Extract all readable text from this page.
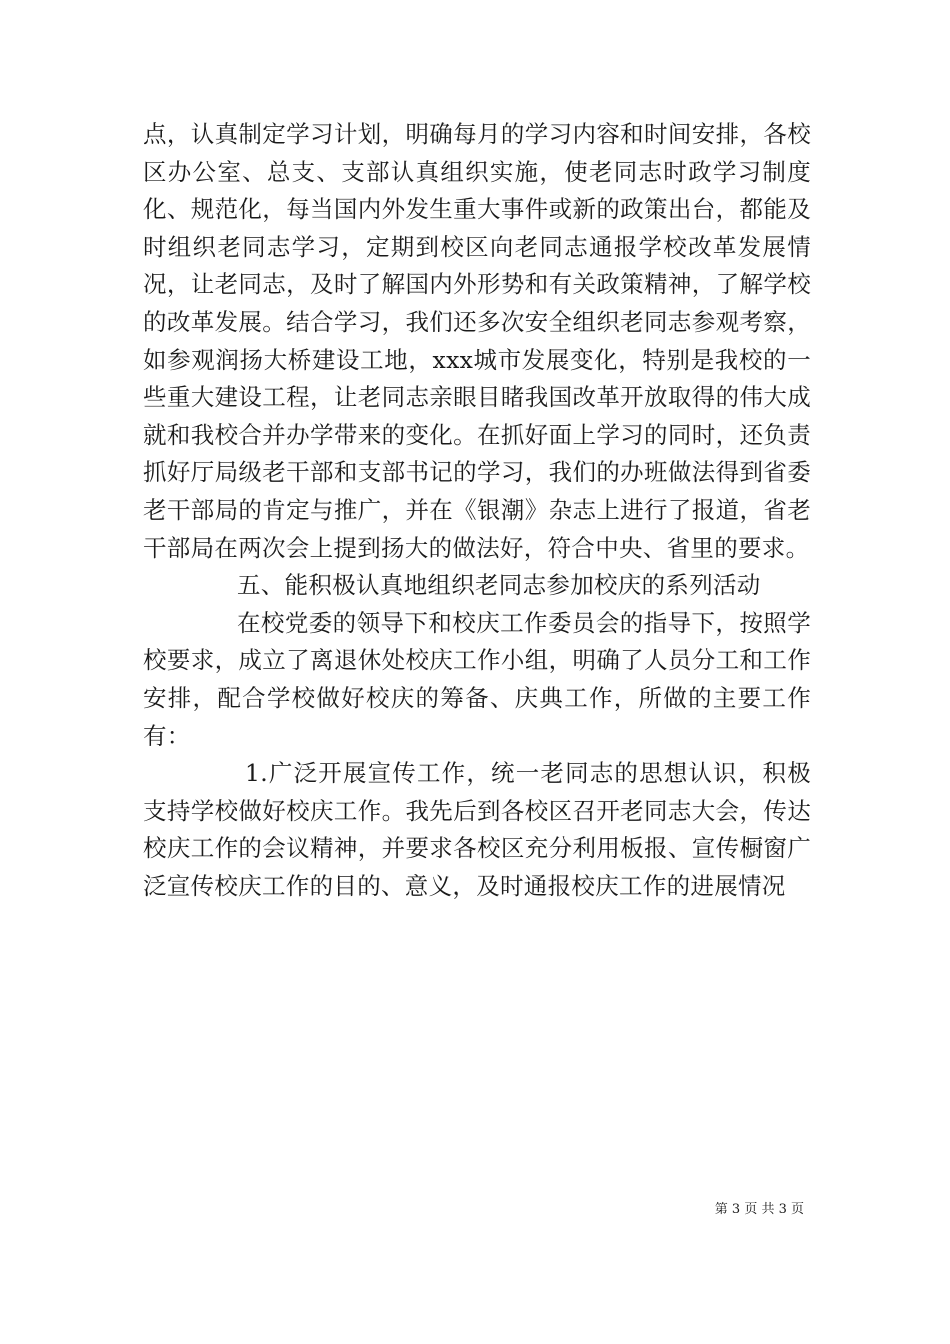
点，认真制定学习计划，明确每月的学习内容和时间安排，各校区办公室、总支、支部认真组织实施，使老同志时政学习制度化、规范化，每当国内外发生重大事件或新的政策出台，都能及时组织老同志学习，定期到校区向老同志通报学校改革发展情况，让老同志，及时了解国内外形势和有关政策精神，了解学校的改革发展。结合学习，我们还多次安全组织老同志参观考察，如参观润扬大桥建设工地，xxx城市发展变化，特别是我校的一些重大建设工程，让老同志亲眼目睹我国改革开放取得的伟大成就和我校合并办学带来的变化。在抓好面上学习的同时，还负责抓好厅局级老干部和支部书记的学习，我们的办班做法得到省委老干部局的肯定与推广，并在《银潮》杂志上进行了报道，省老干部局在两次会上提到扬大的做法好，符合中央、省里的要求。

五、能积极认真地组织老同志参加校庆的系列活动

在校党委的领导下和校庆工作委员会的指导下，按照学校要求，成立了离退休处校庆工作小组，明确了人员分工和工作安排，配合学校做好校庆的筹备、庆典工作，所做的主要工作有：

1.广泛开展宣传工作，统一老同志的思想认识，积极支持学校做好校庆工作。我先后到各校区召开老同志大会，传达校庆工作的会议精神，并要求各校区充分利用板报、宣传橱窗广泛宣传校庆工作的目的、意义，及时通报校庆工作的进展情况

第 3 页 共 3 页
